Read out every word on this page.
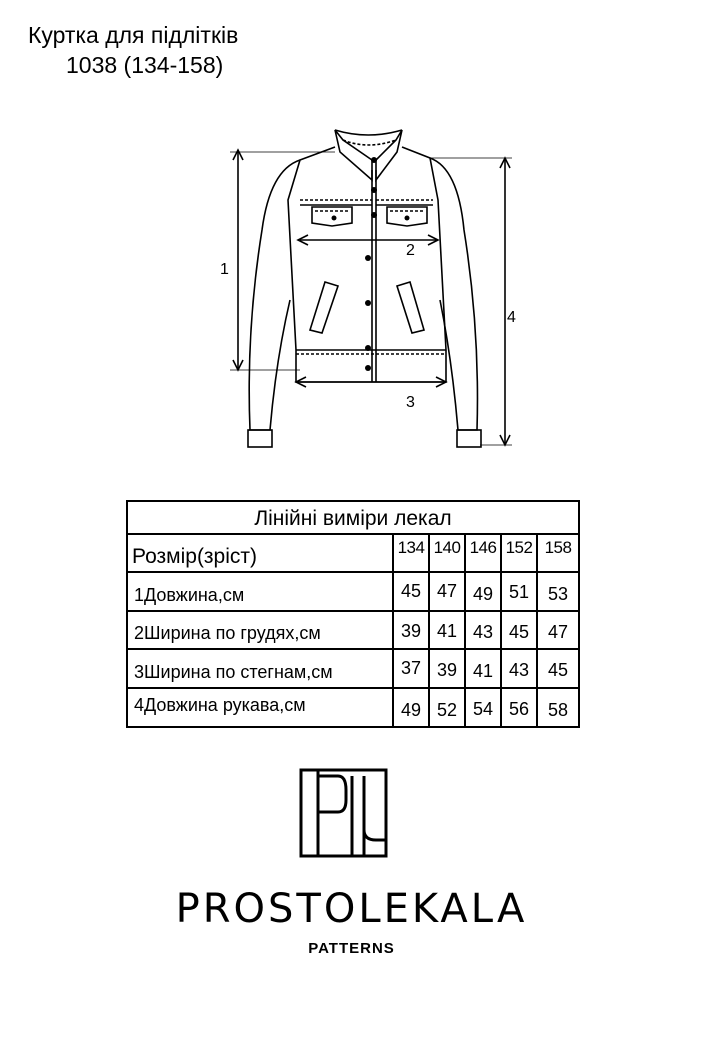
Куртка для підлітків
1038 (134-158)
1
2
3
4
Лінійні виміри лекал
Розмір(зріст)	134 140 146 152 158
1Довжина,см	45 47 49 51	53
2Ширина по грудях,см	39 41 43 45	47
3Ширина по стегнам,см	37 39 41 43	45
4Довжина рукава,см	49 52 54 56	58
PROSTOLEKALA
PATTERNS
